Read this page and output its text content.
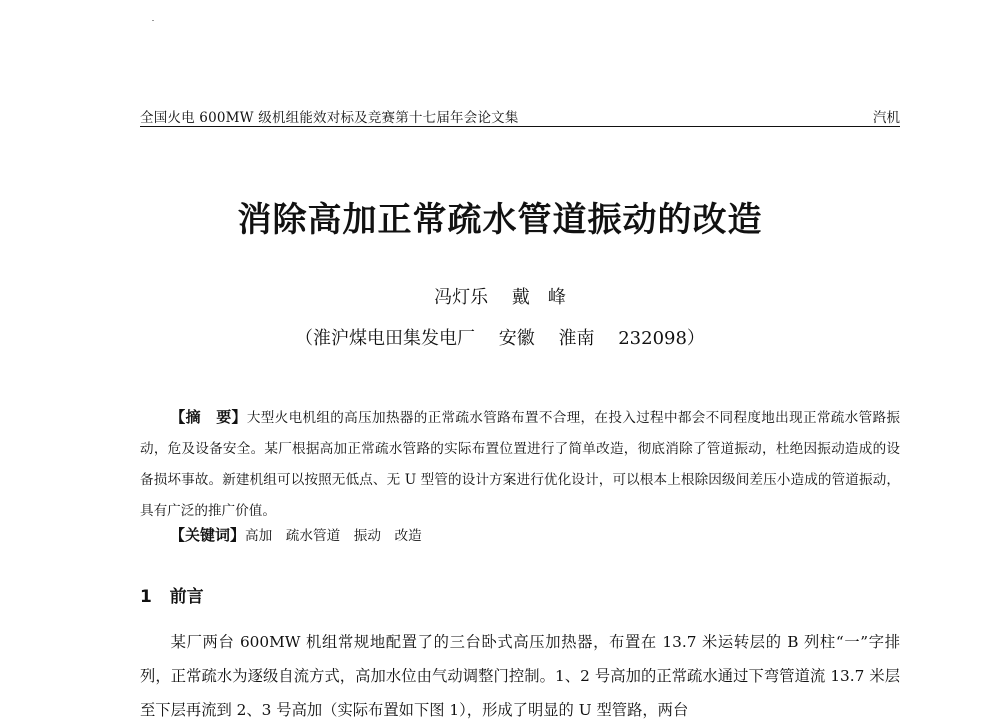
全国火电 600MW 级机组能效对标及竞赛第十七届年会论文集	汽机
消除高加正常疏水管道振动的改造
冯灯乐　 戴　峰
（淮沪煤电田集发电厂　 安徽　 淮南　 232098）
【摘　要】大型火电机组的高压加热器的正常疏水管路布置不合理，在投入过程中都会不同程度地出现正常疏水管路振动，危及设备安全。某厂根据高加正常疏水管路的实际布置位置进行了简单改造，彻底消除了管道振动，杜绝因振动造成的设备损坏事故。新建机组可以按照无低点、无 U 型管的设计方案进行优化设计，可以根本上根除因级间差压小造成的管道振动，具有广泛的推广价值。
【关键词】高加　疏水管道　振动　改造
1 前言
某厂两台 600MW 机组常规地配置了的三台卧式高压加热器，布置在 13.7 米运转层的 B 列柱“一”字排列，正常疏水为逐级自流方式，高加水位由气动调整门控制。1、2 号高加的正常疏水通过下弯管道流 13.7 米层至下层再流到 2、3 号高加（实际布置如下图 1），形成了明显的 U 型管路，两台
